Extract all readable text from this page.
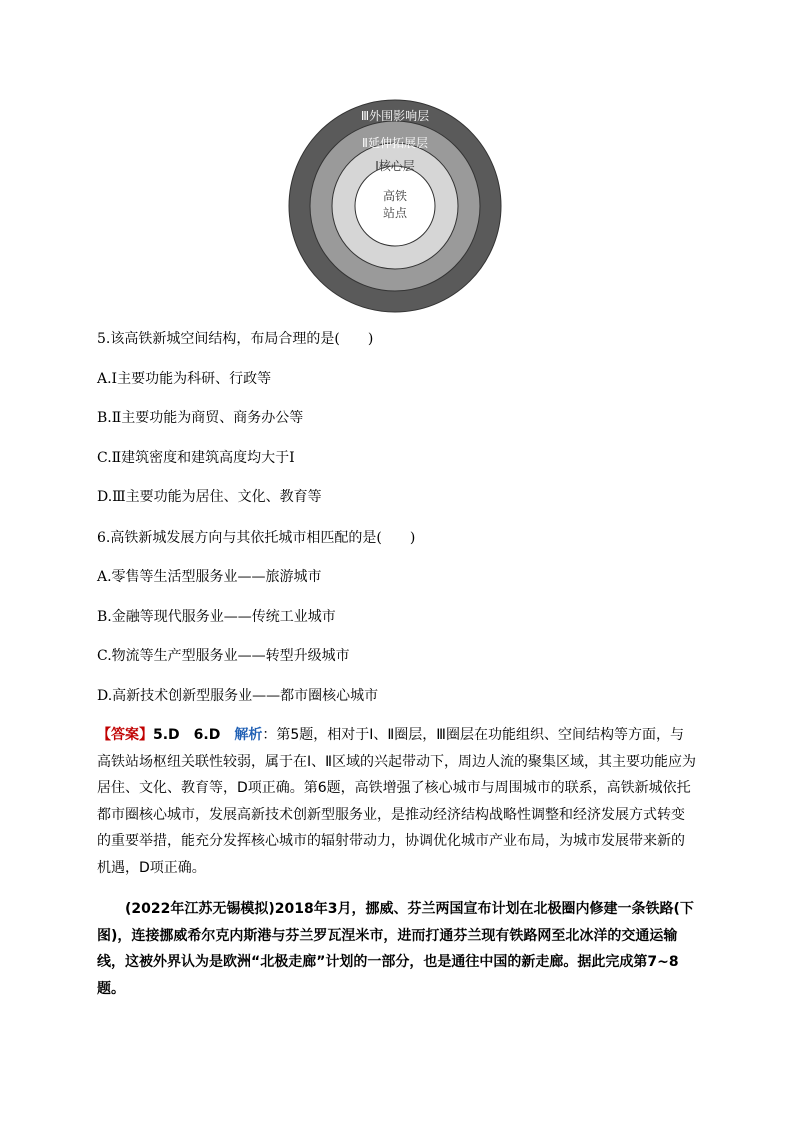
Ⅲ外围影响层
Ⅱ延伸拓展层
Ⅰ核心层
高铁
站点
5.该高铁新城空间结构，布局合理的是(　　)
A.Ⅰ主要功能为科研、行政等
B.Ⅱ主要功能为商贸、商务办公等
C.Ⅱ建筑密度和建筑高度均大于Ⅰ
D.Ⅲ主要功能为居住、文化、教育等
6.高铁新城发展方向与其依托城市相匹配的是(　　)
A.零售等生活型服务业——旅游城市
B.金融等现代服务业——传统工业城市
C.物流等生产型服务业——转型升级城市
D.高新技术创新型服务业——都市圈核心城市
【答案】5.D　6.D　解析：第5题，相对于Ⅰ、Ⅱ圈层，Ⅲ圈层在功能组织、空间结构等方面，与高铁站场枢纽关联性较弱，属于在Ⅰ、Ⅱ区域的兴起带动下，周边人流的聚集区域，其主要功能应为居住、文化、教育等，D项正确。第6题，高铁增强了核心城市与周围城市的联系，高铁新城依托都市圈核心城市，发展高新技术创新型服务业，是推动经济结构战略性调整和经济发展方式转变的重要举措，能充分发挥核心城市的辐射带动力，协调优化城市产业布局，为城市发展带来新的机遇，D项正确。
(2022年江苏无锡模拟)2018年3月，挪威、芬兰两国宣布计划在北极圈内修建一条铁路(下图)，连接挪威希尔克内斯港与芬兰罗瓦涅米市，进而打通芬兰现有铁路网至北冰洋的交通运输线，这被外界认为是欧洲“北极走廊”计划的一部分，也是通往中国的新走廊。据此完成第7~8题。
